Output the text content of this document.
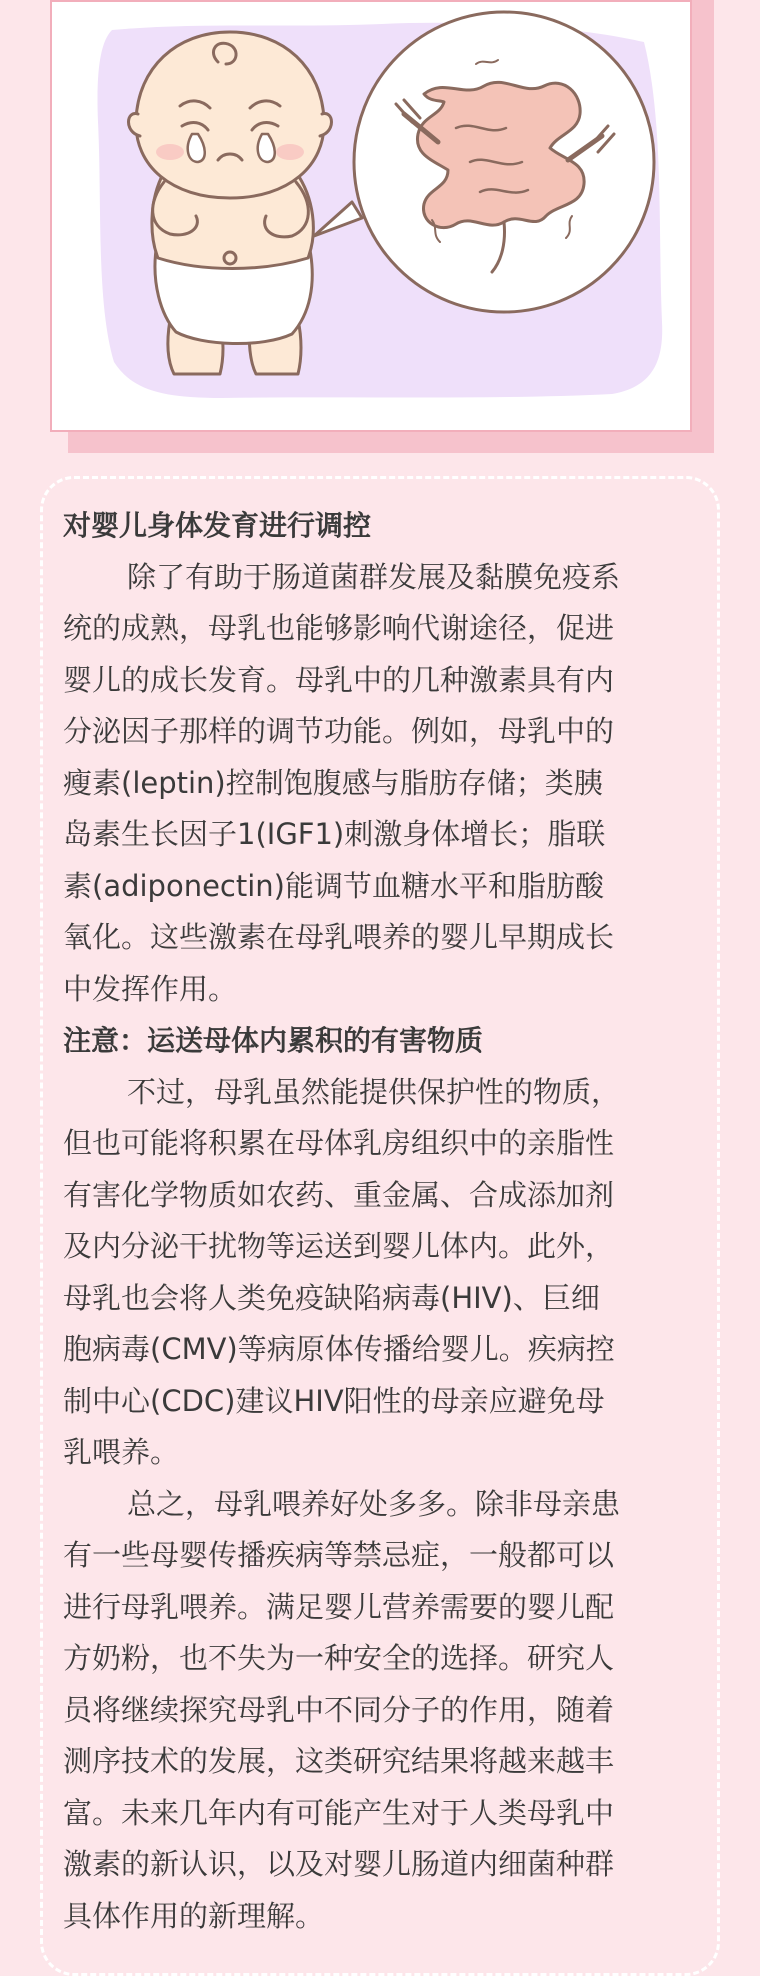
对婴儿身体发育进行调控
除了有助于肠道菌群发展及黏膜免疫系
统的成熟，母乳也能够影响代谢途径，促进
婴儿的成长发育。母乳中的几种激素具有内
分泌因子那样的调节功能。例如，母乳中的
瘦素(leptin)控制饱腹感与脂肪存储；类胰
岛素生长因子1(IGF1)刺激身体增长；脂联
素(adiponectin)能调节血糖水平和脂肪酸
氧化。这些激素在母乳喂养的婴儿早期成长
中发挥作用。
注意：运送母体内累积的有害物质
不过，母乳虽然能提供保护性的物质，
但也可能将积累在母体乳房组织中的亲脂性
有害化学物质如农药、重金属、合成添加剂
及内分泌干扰物等运送到婴儿体内。此外，
母乳也会将人类免疫缺陷病毒(HIV)、巨细
胞病毒(CMV)等病原体传播给婴儿。疾病控
制中心(CDC)建议HIV阳性的母亲应避免母
乳喂养。
总之，母乳喂养好处多多。除非母亲患
有一些母婴传播疾病等禁忌症，一般都可以
进行母乳喂养。满足婴儿营养需要的婴儿配
方奶粉，也不失为一种安全的选择。研究人
员将继续探究母乳中不同分子的作用，随着
测序技术的发展，这类研究结果将越来越丰
富。未来几年内有可能产生对于人类母乳中
激素的新认识，以及对婴儿肠道内细菌种群
具体作用的新理解。
